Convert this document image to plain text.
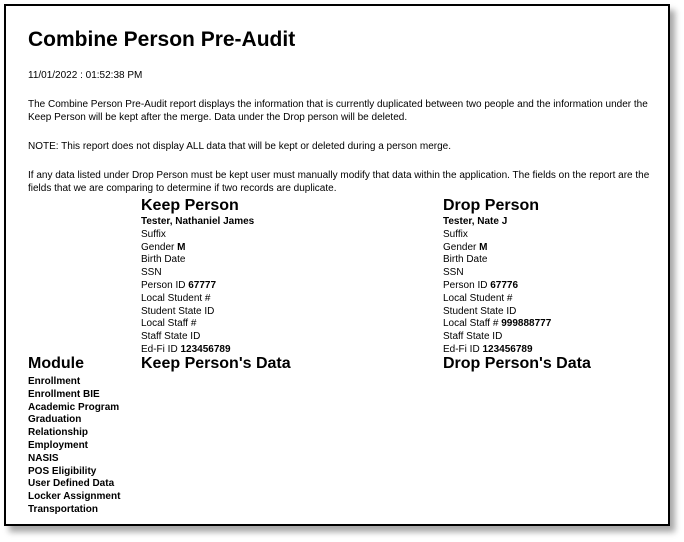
Combine Person Pre-Audit
11/01/2022 : 01:52:38 PM
The Combine Person Pre-Audit report displays the information that is currently duplicated between two people and the information under the Keep Person will be kept after the merge. Data under the Drop person will be deleted.
NOTE: This report does not display ALL data that will be kept or deleted during a person merge.
If any data listed under Drop Person must be kept user must manually modify that data within the application. The fields on the report are the fields that we are comparing to determine if two records are duplicate.
Keep Person
Tester, Nathaniel James
Suffix
Gender M
Birth Date
SSN
Person ID 67777
Local Student #
Student State ID
Local Staff #
Staff State ID
Ed-Fi ID 123456789
Drop Person
Tester, Nate J
Suffix
Gender M
Birth Date
SSN
Person ID 67776
Local Student #
Student State ID
Local Staff # 999888777
Staff State ID
Ed-Fi ID 123456789
Module	Keep Person's Data	Drop Person's Data
Enrollment
Enrollment BIE
Academic Program
Graduation
Relationship
Employment
NASIS
POS Eligibility
User Defined Data
Locker Assignment
Transportation
